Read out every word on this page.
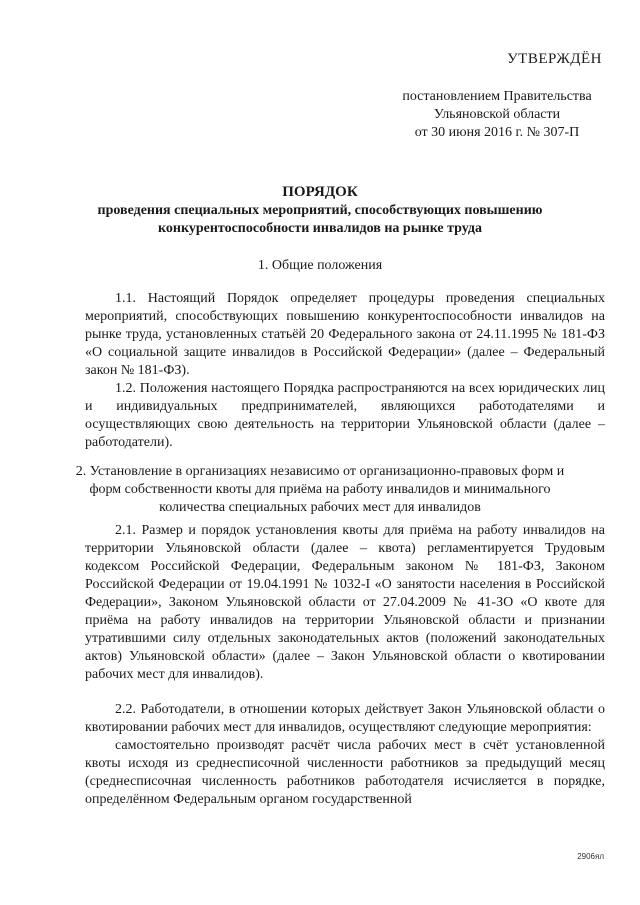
УТВЕРЖДЁН
постановлением Правительства
Ульяновской области
от 30 июня 2016 г. № 307-П
ПОРЯДОК
проведения специальных мероприятий, способствующих повышению конкурентоспособности инвалидов на рынке труда
1. Общие положения

1.1. Настоящий Порядок определяет процедуры проведения специальных мероприятий, способствующих повышению конкурентоспособности инвалидов на рынке труда, установленных статьёй 20 Федерального закона от 24.11.1995 № 181-ФЗ «О социальной защите инвалидов в Российской Федерации» (далее – Федеральный закон № 181-ФЗ).

1.2. Положения настоящего Порядка распространяются на всех юридических лиц и индивидуальных предпринимателей, являющихся работодателями и осуществляющих свою деятельность на территории Ульяновской области (далее – работодатели).

2. Установление в организациях независимо от организационно-правовых форм и форм собственности квоты для приёма на работу инвалидов и минимального количества специальных рабочих мест для инвалидов

2.1. Размер и порядок установления квоты для приёма на работу инвалидов на территории Ульяновской области (далее – квота) регламентируется Трудовым кодексом Российской Федерации, Федеральным законом № 181-ФЗ, Законом Российской Федерации от 19.04.1991 № 1032-I «О занятости населения в Российской Федерации», Законом Ульяновской области от 27.04.2009 № 41-ЗО «О квоте для приёма на работу инвалидов на территории Ульяновской области и признании утратившими силу отдельных законодательных актов (положений законодательных актов) Ульяновской области» (далее – Закон Ульяновской области о квотировании рабочих мест для инвалидов).

2.2. Работодатели, в отношении которых действует Закон Ульяновской области о квотировании рабочих мест для инвалидов, осуществляют следующие мероприятия:

самостоятельно производят расчёт числа рабочих мест в счёт установленной квоты исходя из среднесписочной численности работников за предыдущий месяц (среднесписочная численность работников работодателя исчисляется в порядке, определённом Федеральным органом государственной

2906ял
